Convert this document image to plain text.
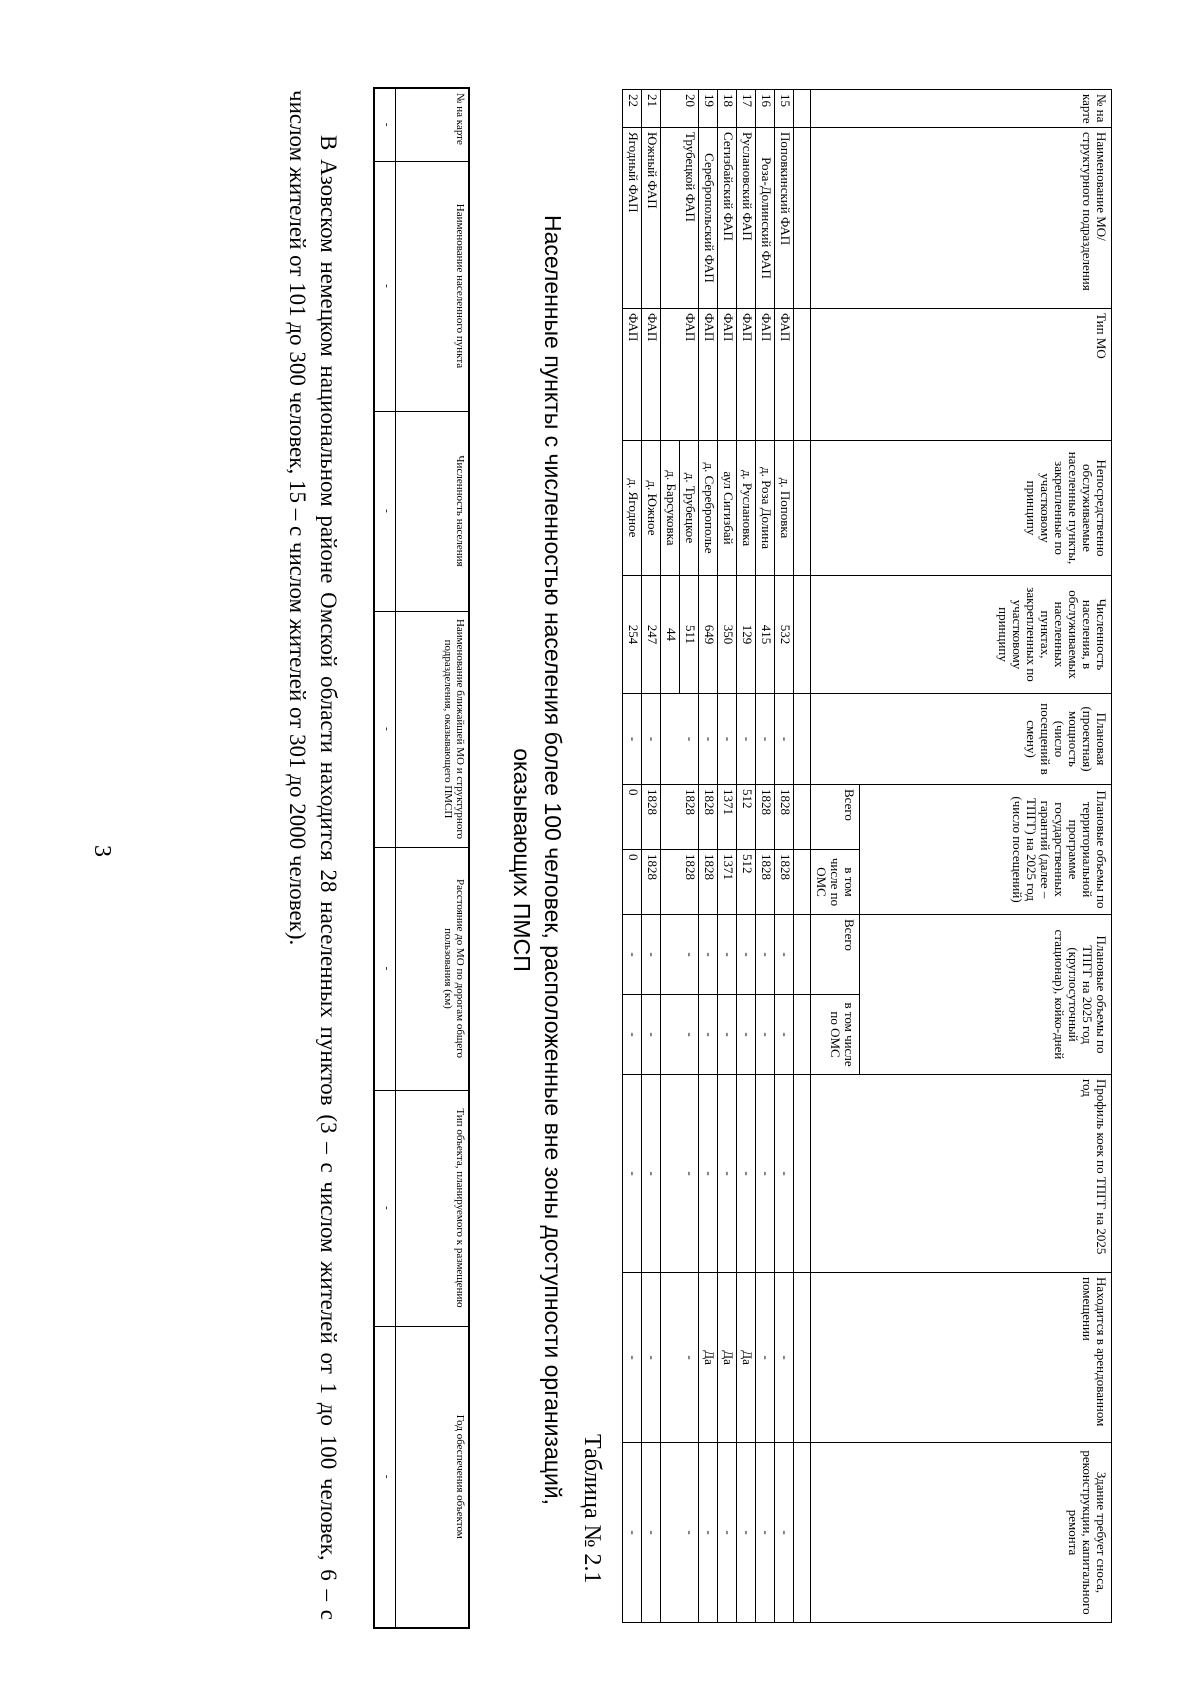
3
№ на карте	Наименование МО/ структурного подразделения	Тип МО	Непосредственно обслуживаемые населенные пункты, закрепленные по участковому принципу	Численность населения, в обслуживаемых населенных пунктах, закрепленных по участковому принципу	Плановая (проектная) мощность (число посещений в смену)	Плановые объемы по территориальной программе государственных гарантий (далее – ТПГГ) на 2025 год (число посещений)		Плановые объемы по ТПГГ на 2025 год (круглосуточный стационар), койко-дней		Профиль коек по ТПГГ на 2025 год	Находится в арендованном помещении	Здание требует сноса, реконструкции, капитального ремонта
						Всего	в том числе по ОМС	Всего	в том числе по ОМС			

15	Поповкинский ФАП	ФАП	д. Поповка	532	-	1828	1828	-	-	-	-	-
16	Роза-Долинский ФАП	ФАП	д. Роза Долина	415	-	1828	1828	-	-	-	-	-
17	Руслановский ФАП	ФАП	д. Руслановка	129	-	512	512	-	-	-	Да	-
18	Сегизбайский ФАП	ФАП	аул Сигизбай	350	-	1371	1371	-	-	-	Да	-
19	Серебропольский ФАП	ФАП	д. Сереброполье	649	-	1828	1828	-	-	-	Да	-
20	Трубецкой ФАП	ФАП	д. Трубецкое	511	-	1828	1828	-	-	-	-	-
			д. Барсуковка	44								
21	Южный ФАП	ФАП	д. Южное	247	-	1828	1828	-	-	-	-	-
22	Ягодный ФАП	ФАП	д. Ягодное	254	-	0	0	-	-	-	-	-
Таблица № 2.1
Населенные пункты с численностью населения более 100 человек, расположенные вне зоны доступности организаций,
оказывающих ПМСП
№ на карте	Наименование населенного пункта	Численность населения	Наименование ближайшей МО и структурного подразделения, оказывающего ПМСП	Расстояние до МО по дорогам общего пользования (км)	Тип объекта, планируемого к размещению	Год обеспечения объектом
-	-	-	-	-	-	-
В Азовском немецком национальном районе Омской области находится 28 населенных пунктов (3 – с числом жителей от 1 до 100 человек, 6 – с числом жителей от 101 до 300 человек, 15 – с числом жителей от 301 до 2000 человек).
